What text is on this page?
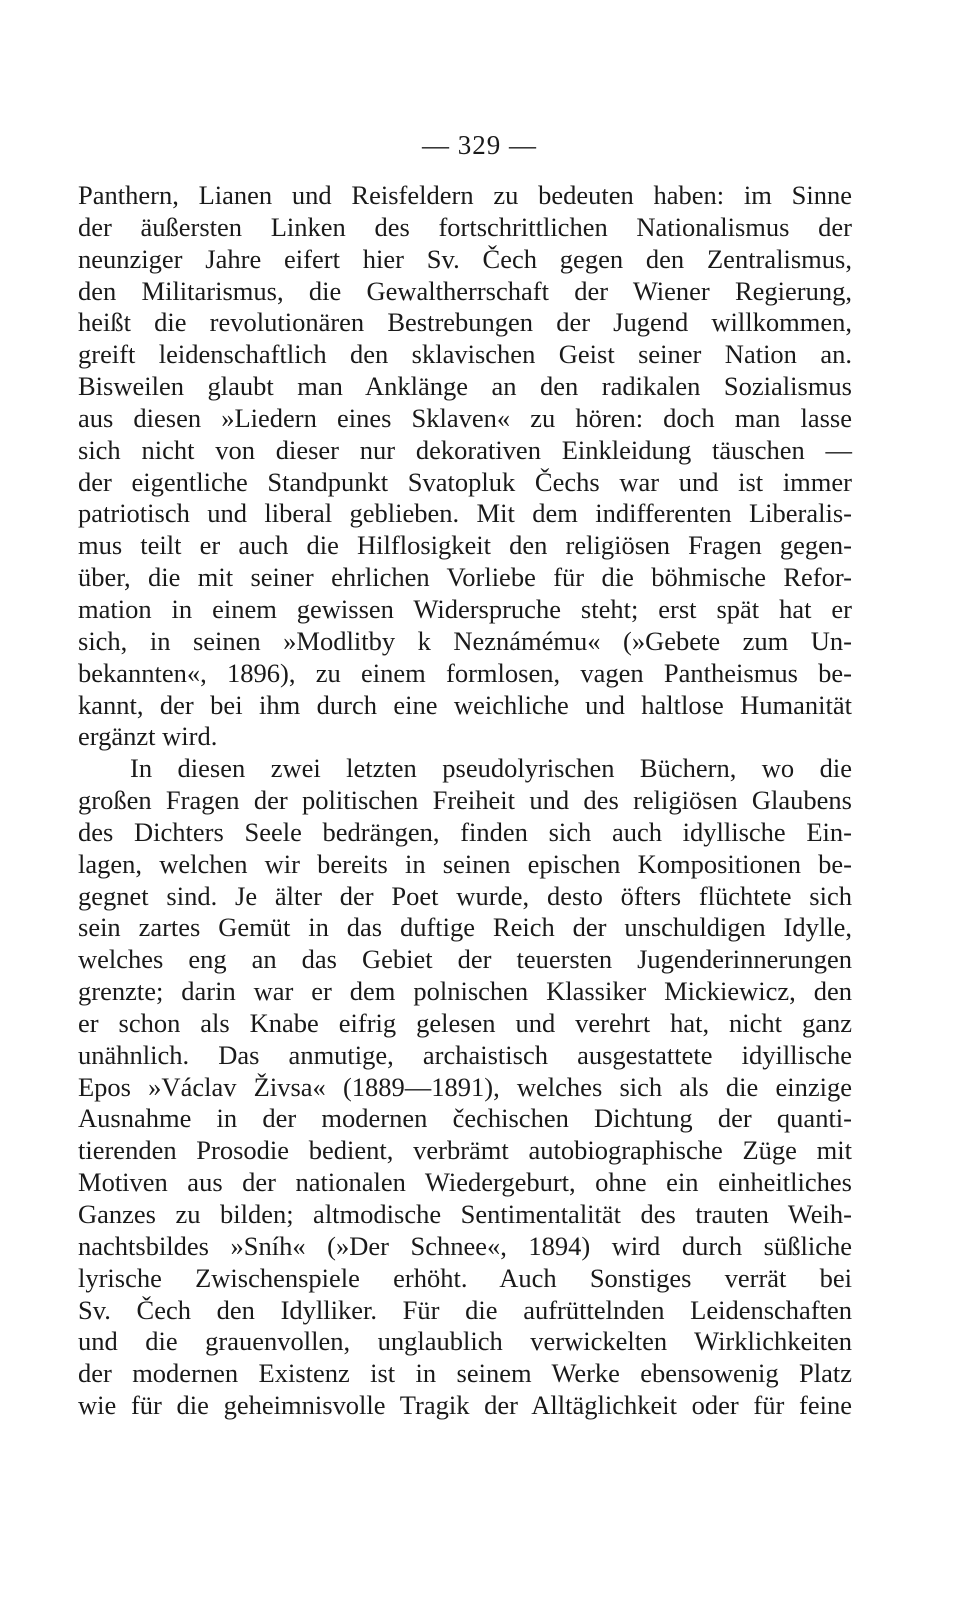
— 329 —
Panthern, Lianen und Reisfeldern zu bedeuten haben: im Sinne
der äußersten Linken des fortschrittlichen Nationalismus der
neunziger Jahre eifert hier Sv. Čech gegen den Zentralismus,
den Militarismus, die Gewaltherrschaft der Wiener Regierung,
heißt die revolutionären Bestrebungen der Jugend willkommen,
greift leidenschaftlich den sklavischen Geist seiner Nation an.
Bisweilen glaubt man Anklänge an den radikalen Sozialismus
aus diesen »Liedern eines Sklaven« zu hören: doch man lasse
sich nicht von dieser nur dekorativen Einkleidung täuschen —
der eigentliche Standpunkt Svatopluk Čechs war und ist immer
patriotisch und liberal geblieben. Mit dem indifferenten Liberalis-
mus teilt er auch die Hilflosigkeit den religiösen Fragen gegen-
über, die mit seiner ehrlichen Vorliebe für die böhmische Refor-
mation in einem gewissen Widerspruche steht; erst spät hat er
sich, in seinen »Modlitby k Neznámému« (»Gebete zum Un-
bekannten«, 1896), zu einem formlosen, vagen Pantheismus be-
kannt, der bei ihm durch eine weichliche und haltlose Humanität
ergänzt wird.
In diesen zwei letzten pseudolyrischen Büchern, wo die
großen Fragen der politischen Freiheit und des religiösen Glaubens
des Dichters Seele bedrängen, finden sich auch idyllische Ein-
lagen, welchen wir bereits in seinen epischen Kompositionen be-
gegnet sind. Je älter der Poet wurde, desto öfters flüchtete sich
sein zartes Gemüt in das duftige Reich der unschuldigen Idylle,
welches eng an das Gebiet der teuersten Jugenderinnerungen
grenzte; darin war er dem polnischen Klassiker Mickiewicz, den
er schon als Knabe eifrig gelesen und verehrt hat, nicht ganz
unähnlich. Das anmutige, archaistisch ausgestattete idyillische
Epos »Václav Živsa« (1889—1891), welches sich als die einzige
Ausnahme in der modernen čechischen Dichtung der quanti-
tierenden Prosodie bedient, verbrämt autobiographische Züge mit
Motiven aus der nationalen Wiedergeburt, ohne ein einheitliches
Ganzes zu bilden; altmodische Sentimentalität des trauten Weih-
nachtsbildes »Sníh« (»Der Schnee«, 1894) wird durch süßliche
lyrische Zwischenspiele erhöht. Auch Sonstiges verrät bei
Sv. Čech den Idylliker. Für die aufrüttelnden Leidenschaften
und die grauenvollen, unglaublich verwickelten Wirklichkeiten
der modernen Existenz ist in seinem Werke ebensowenig Platz
wie für die geheimnisvolle Tragik der Alltäglichkeit oder für feine
